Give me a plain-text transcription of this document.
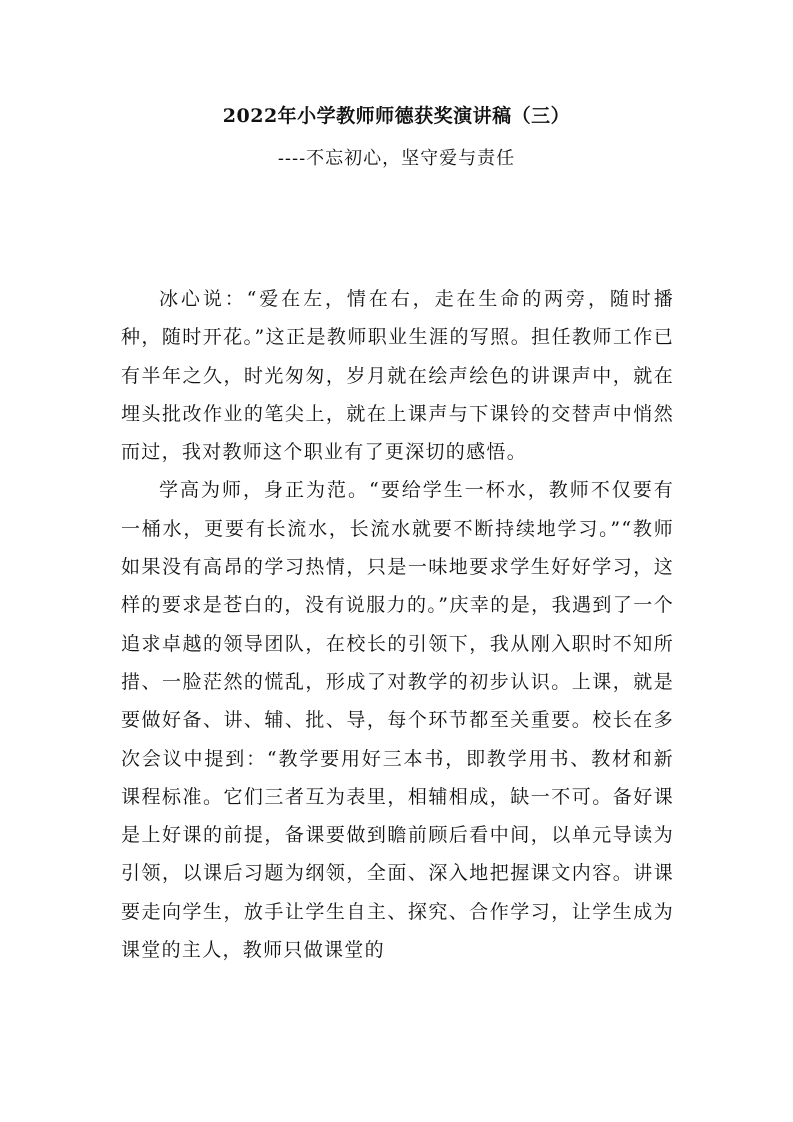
2022年小学教师师德获奖演讲稿（三）
----不忘初心，坚守爱与责任

冰心说：“爱在左，情在右，走在生命的两旁，随时播种，随时开花。”这正是教师职业生涯的写照。担任教师工作已有半年之久，时光匆匆，岁月就在绘声绘色的讲课声中，就在埋头批改作业的笔尖上，就在上课声与下课铃的交替声中悄然而过，我对教师这个职业有了更深切的感悟。

学高为师，身正为范。“要给学生一杯水，教师不仅要有一桶水，更要有长流水，长流水就要不断持续地学习。”“教师如果没有高昂的学习热情，只是一味地要求学生好好学习，这样的要求是苍白的，没有说服力的。”庆幸的是，我遇到了一个追求卓越的领导团队，在校长的引领下，我从刚入职时不知所措、一脸茫然的慌乱，形成了对教学的初步认识。上课，就是要做好备、讲、辅、批、导，每个环节都至关重要。校长在多次会议中提到：“教学要用好三本书，即教学用书、教材和新课程标准。它们三者互为表里，相辅相成，缺一不可。备好课是上好课的前提，备课要做到瞻前顾后看中间，以单元导读为引领，以课后习题为纲领，全面、深入地把握课文内容。讲课要走向学生，放手让学生自主、探究、合作学习，让学生成为课堂的主人，教师只做课堂的
